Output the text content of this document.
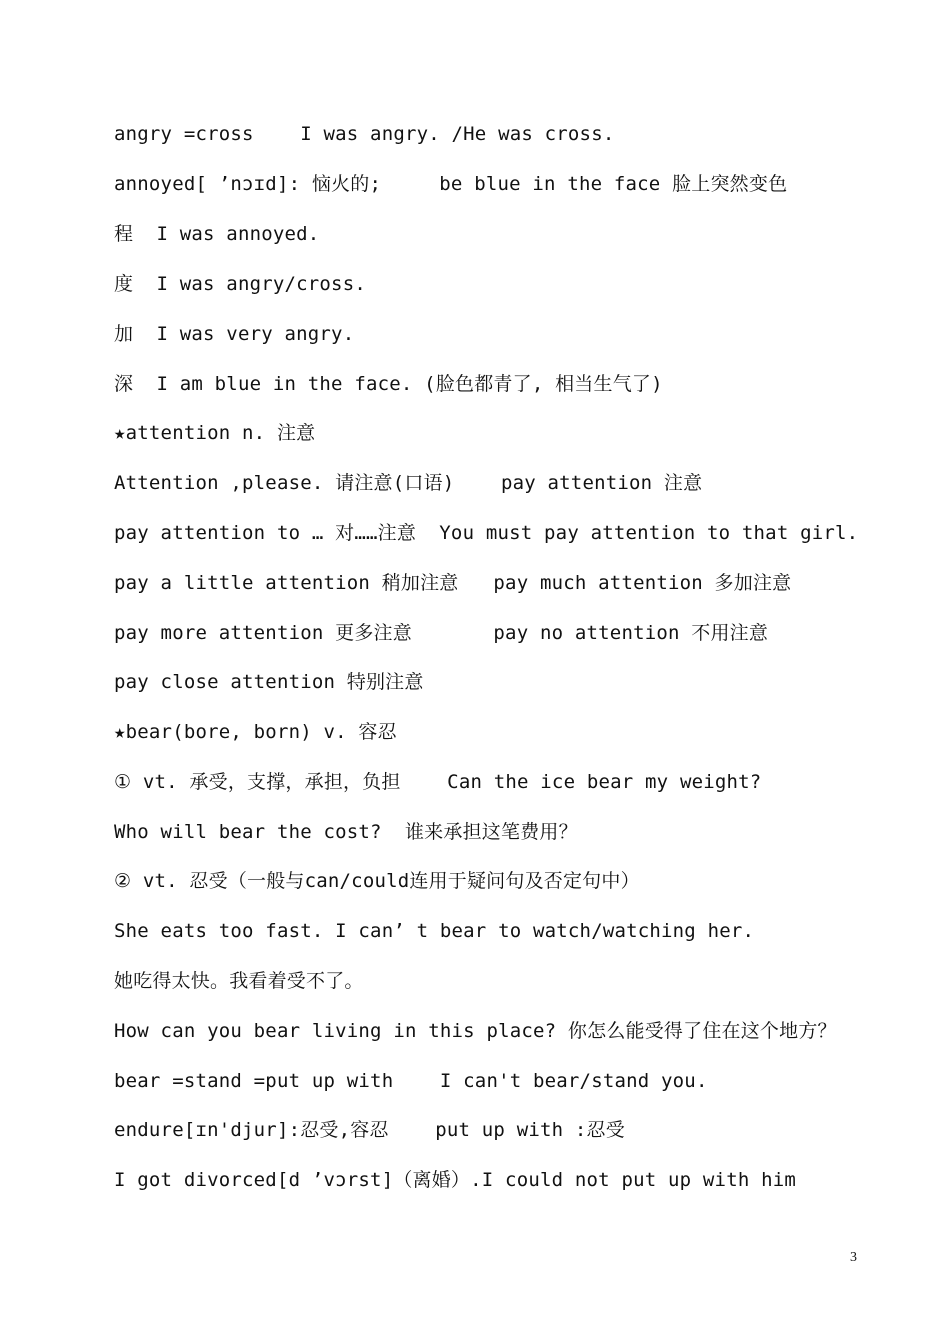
angry =cross    I was angry. /He was cross.
annoyed[ ’nɔɪd]: 恼火的;     be blue in the face 脸上突然变色
程  I was annoyed.
度  I was angry/cross.
加  I was very angry.
深  I am blue in the face. (脸色都青了, 相当生气了)
★attention n. 注意
Attention ,please. 请注意(口语)    pay attention 注意
pay attention to … 对……注意  You must pay attention to that girl.
pay a little attention 稍加注意   pay much attention 多加注意
pay more attention 更多注意       pay no attention 不用注意
pay close attention 特别注意
★bear(bore, born) v. 容忍
① vt. 承受，支撑，承担，负担    Can the ice bear my weight?
Who will bear the cost?  谁来承担这笔费用？
② vt. 忍受（一般与can/could连用于疑问句及否定句中）
She eats too fast. I can’ t bear to watch/watching her.
她吃得太快。我看着受不了。
How can you bear living in this place? 你怎么能受得了住在这个地方？
bear =stand =put up with    I can't bear/stand you.
endure[ɪn'djur]:忍受,容忍    put up with :忍受
I got divorced[d ’vɔrst]（离婚）.I could not put up with him
3
